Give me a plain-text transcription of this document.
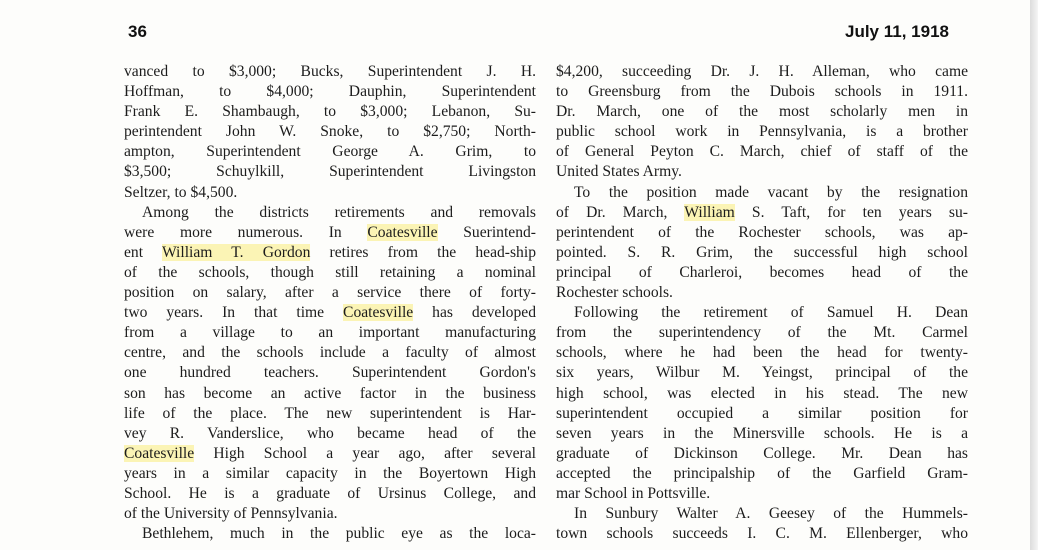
36	July 11, 1918
vanced to $3,000; Bucks, Superintendent J. H.
Hoffman, to $4,000; Dauphin, Superintendent
Frank E. Shambaugh, to $3,000; Lebanon, Su-
perintendent John W. Snoke, to $2,750; North-
ampton, Superintendent George A. Grim, to
$3,500; Schuylkill, Superintendent Livingston
Seltzer, to $4,500.
Among the districts retirements and removals
were more numerous. In Coatesville Suerintend-
ent William T. Gordon retires from the head-ship
of the schools, though still retaining a nominal
position on salary, after a service there of forty-
two years. In that time Coatesville has developed
from a village to an important manufacturing
centre, and the schools include a faculty of almost
one hundred teachers. Superintendent Gordon's
son has become an active factor in the business
life of the place. The new superintendent is Har-
vey R. Vanderslice, who became head of the
Coatesville High School a year ago, after several
years in a similar capacity in the Boyertown High
School. He is a graduate of Ursinus College, and
of the University of Pennsylvania.
Bethlehem, much in the public eye as the loca-
$4,200, succeeding Dr. J. H. Alleman, who came
to Greensburg from the Dubois schools in 1911.
Dr. March, one of the most scholarly men in
public school work in Pennsylvania, is a brother
of General Peyton C. March, chief of staff of the
United States Army.
To the position made vacant by the resignation
of Dr. March, William S. Taft, for ten years su-
perintendent of the Rochester schools, was ap-
pointed. S. R. Grim, the successful high school
principal of Charleroi, becomes head of the
Rochester schools.
Following the retirement of Samuel H. Dean
from the superintendency of the Mt. Carmel
schools, where he had been the head for twenty-
six years, Wilbur M. Yeingst, principal of the
high school, was elected in his stead. The new
superintendent occupied a similar position for
seven years in the Minersville schools. He is a
graduate of Dickinson College. Mr. Dean has
accepted the principalship of the Garfield Gram-
mar School in Pottsville.
In Sunbury Walter A. Geesey of the Hummels-
town schools succeeds I. C. M. Ellenberger, who
